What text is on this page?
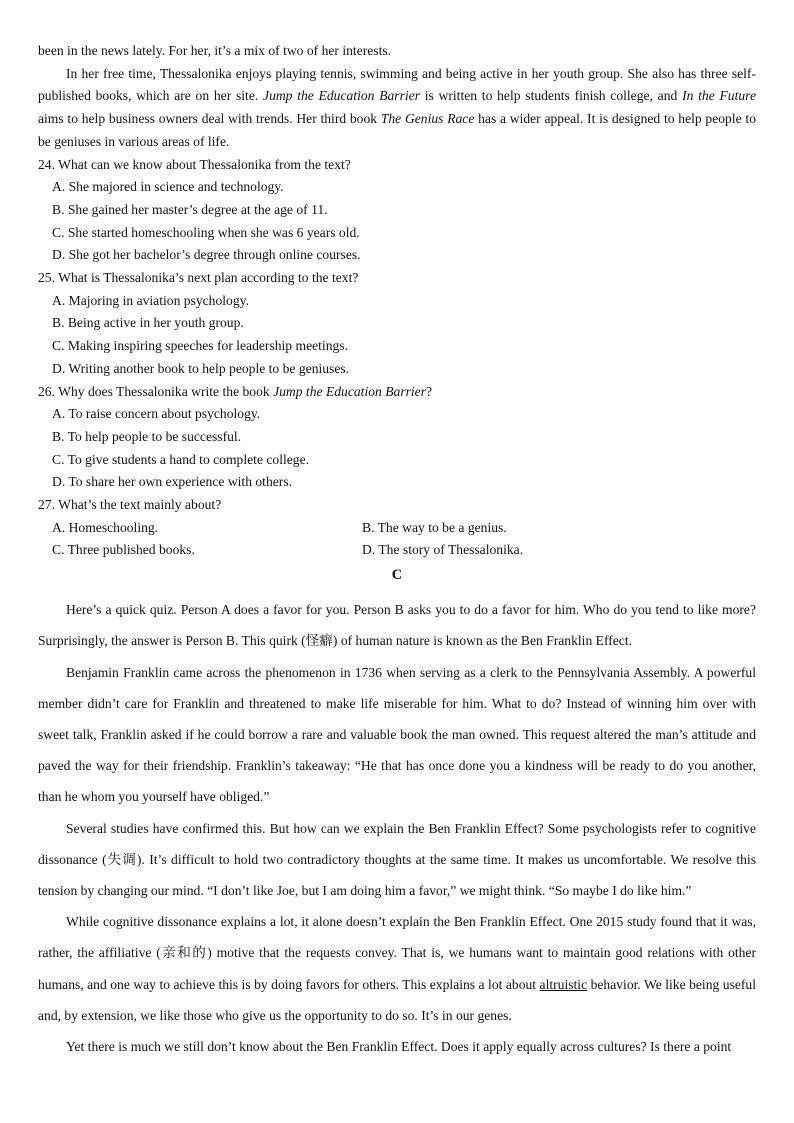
been in the news lately. For her, it’s a mix of two of her interests.

In her free time, Thessalonika enjoys playing tennis, swimming and being active in her youth group. She also has three self-published books, which are on her site. Jump the Education Barrier is written to help students finish college, and In the Future aims to help business owners deal with trends. Her third book The Genius Race has a wider appeal. It is designed to help people to be geniuses in various areas of life.

24. What can we know about Thessalonika from the text?

A. She majored in science and technology.

B. She gained her master’s degree at the age of 11.

C. She started homeschooling when she was 6 years old.

D. She got her bachelor’s degree through online courses.

25. What is Thessalonika’s next plan according to the text?

A. Majoring in aviation psychology.

B. Being active in her youth group.

C. Making inspiring speeches for leadership meetings.

D. Writing another book to help people to be geniuses.

26. Why does Thessalonika write the book Jump the Education Barrier?

A. To raise concern about psychology.

B. To help people to be successful.

C. To give students a hand to complete college.

D. To share her own experience with others.

27. What’s the text mainly about?

A. Homeschooling.	B. The way to be a genius.
C. Three published books.	D. The story of Thessalonika.

C

Here’s a quick quiz. Person A does a favor for you. Person B asks you to do a favor for him. Who do you tend to like more? Surprisingly, the answer is Person B. This quirk (怪癖) of human nature is known as the Ben Franklin Effect.

Benjamin Franklin came across the phenomenon in 1736 when serving as a clerk to the Pennsylvania Assembly. A powerful member didn’t care for Franklin and threatened to make life miserable for him. What to do? Instead of winning him over with sweet talk, Franklin asked if he could borrow a rare and valuable book the man owned. This request altered the man’s attitude and paved the way for their friendship. Franklin’s takeaway: “He that has once done you a kindness will be ready to do you another, than he whom you yourself have obliged.”

Several studies have confirmed this. But how can we explain the Ben Franklin Effect? Some psychologists refer to cognitive dissonance (失调). It’s difficult to hold two contradictory thoughts at the same time. It makes us uncomfortable. We resolve this tension by changing our mind. “I don’t like Joe, but I am doing him a favor,” we might think. “So maybe I do like him.”

While cognitive dissonance explains a lot, it alone doesn’t explain the Ben Franklin Effect. One 2015 study found that it was, rather, the affiliative (亲和的) motive that the requests convey. That is, we humans want to maintain good relations with other humans, and one way to achieve this is by doing favors for others. This explains a lot about altruistic behavior. We like being useful and, by extension, we like those who give us the opportunity to do so. It’s in our genes.

Yet there is much we still don’t know about the Ben Franklin Effect. Does it apply equally across cultures? Is there a point
